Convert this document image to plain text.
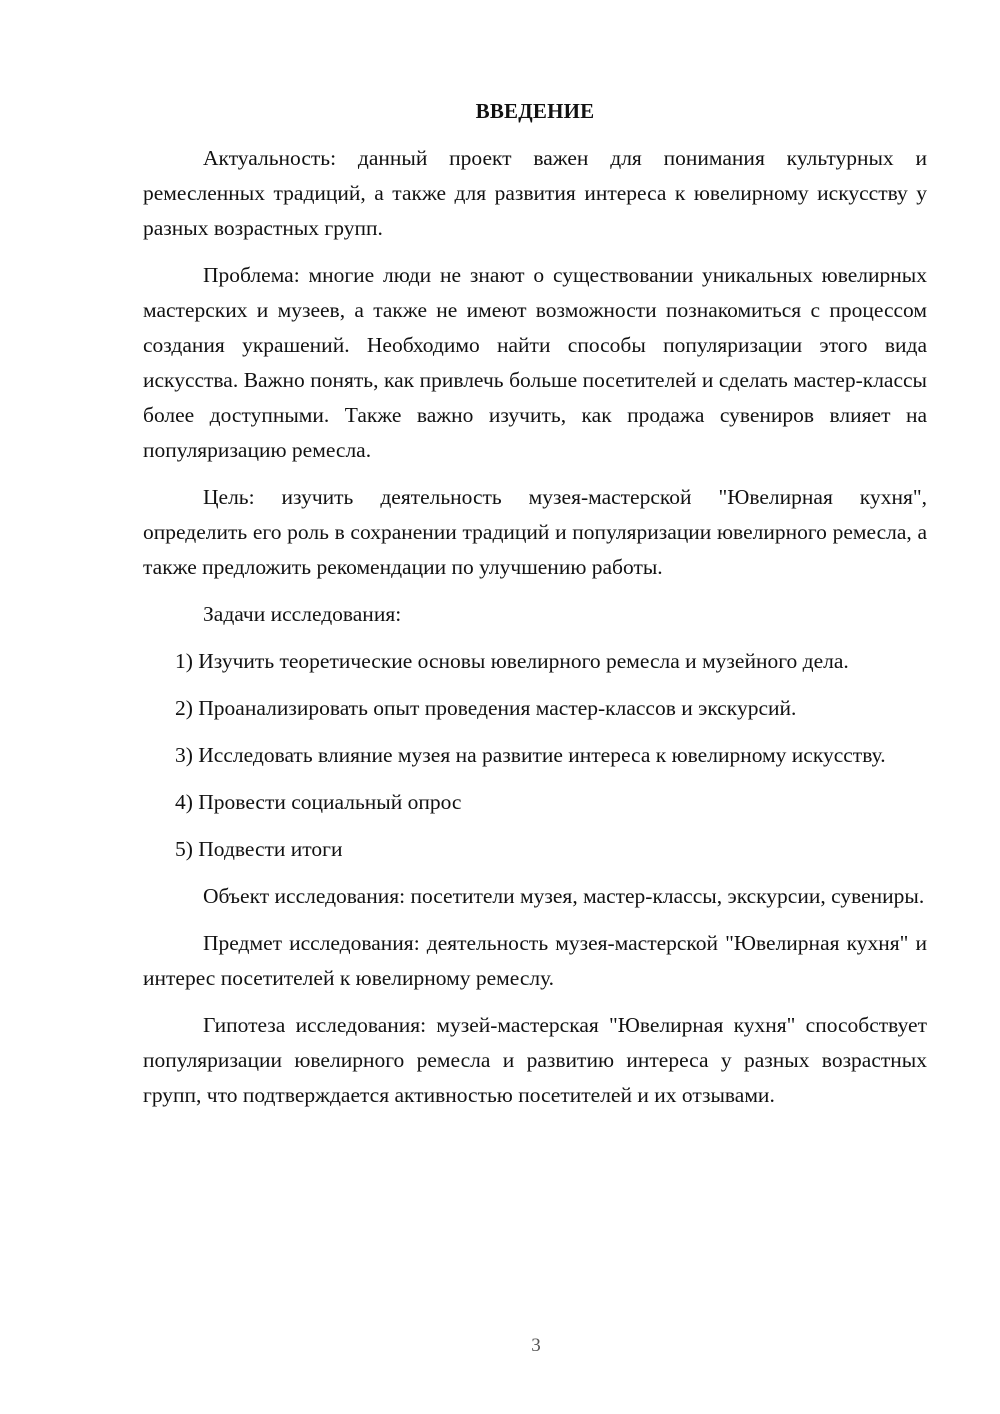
ВВЕДЕНИЕ

Актуальность: данный проект важен для понимания культурных и ремесленных традиций, а также для развития интереса к ювелирному искусству у разных возрастных групп.

Проблема: многие люди не знают о существовании уникальных ювелирных мастерских и музеев, а также не имеют возможности познакомиться с процессом создания украшений. Необходимо найти способы популяризации этого вида искусства. Важно понять, как привлечь больше посетителей и сделать мастер-классы более доступными. Также важно изучить, как продажа сувениров влияет на популяризацию ремесла.

Цель: изучить деятельность музея-мастерской "Ювелирная кухня", определить его роль в сохранении традиций и популяризации ювелирного ремесла, а также предложить рекомендации по улучшению работы.

Задачи исследования:

1) Изучить теоретические основы ювелирного ремесла и музейного дела.

2) Проанализировать опыт проведения мастер-классов и экскурсий.

3) Исследовать влияние музея на развитие интереса к ювелирному искусству.

4) Провести социальный опрос

5) Подвести итоги

Объект исследования: посетители музея, мастер-классы, экскурсии, сувениры.

Предмет исследования: деятельность музея-мастерской "Ювелирная кухня" и интерес посетителей к ювелирному ремеслу.

Гипотеза исследования: музей-мастерская "Ювелирная кухня" способствует популяризации ювелирного ремесла и развитию интереса у разных возрастных групп, что подтверждается активностью посетителей и их отзывами.

3
